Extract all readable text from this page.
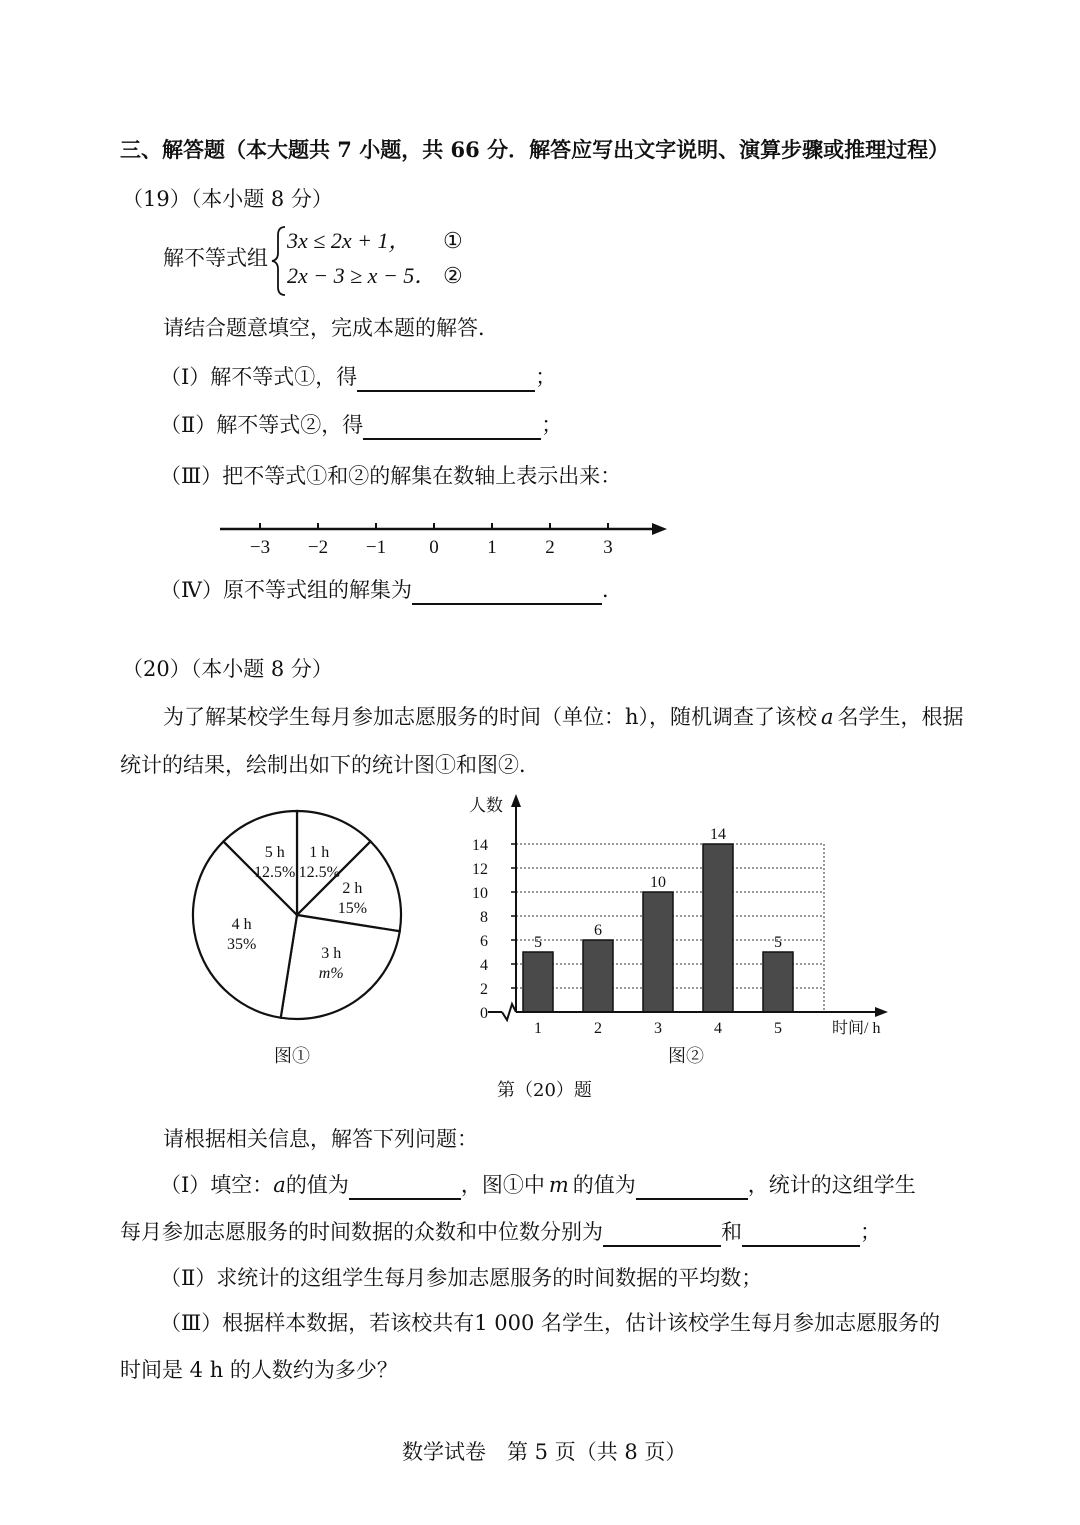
三、解答题（本大题共 7 小题，共 66 分．解答应写出文字说明、演算步骤或推理过程）
（19）（本小题 8 分）
解不等式组
3x ≤ 2x + 1， ①
2x − 3 ≥ x − 5． ②
请结合题意填空，完成本题的解答．
（Ⅰ）解不等式①，得	；
（Ⅱ）解不等式②，得	；
（Ⅲ）把不等式①和②的解集在数轴上表示出来：
−3 −2 −1 0	1	2	3
（Ⅳ）原不等式组的解集为	．
（20）（本小题 8 分）
为了解某校学生每月参加志愿服务的时间（单位：h），随机调查了该校 a 名学生，根据
统计的结果，绘制出如下的统计图①和图②．
1 h
12.5%
2 h
15%
3 h
m%
4 h
35%
5 h
12.5%
图①
0
2
4
6
8
10
12
14
5
1
6
2
10
3
14
4
5
5
人数
时间/ h
图②
第（20）题
请根据相关信息，解答下列问题：
（Ⅰ）填空：a的值为	，图①中 m 的值为	，统计的这组学生
每月参加志愿服务的时间数据的众数和中位数分别为	和	；
（Ⅱ）求统计的这组学生每月参加志愿服务的时间数据的平均数；
（Ⅲ）根据样本数据，若该校共有1 000 名学生，估计该校学生每月参加志愿服务的
时间是 4 h 的人数约为多少？
数学试卷　第 5 页（共 8 页）
